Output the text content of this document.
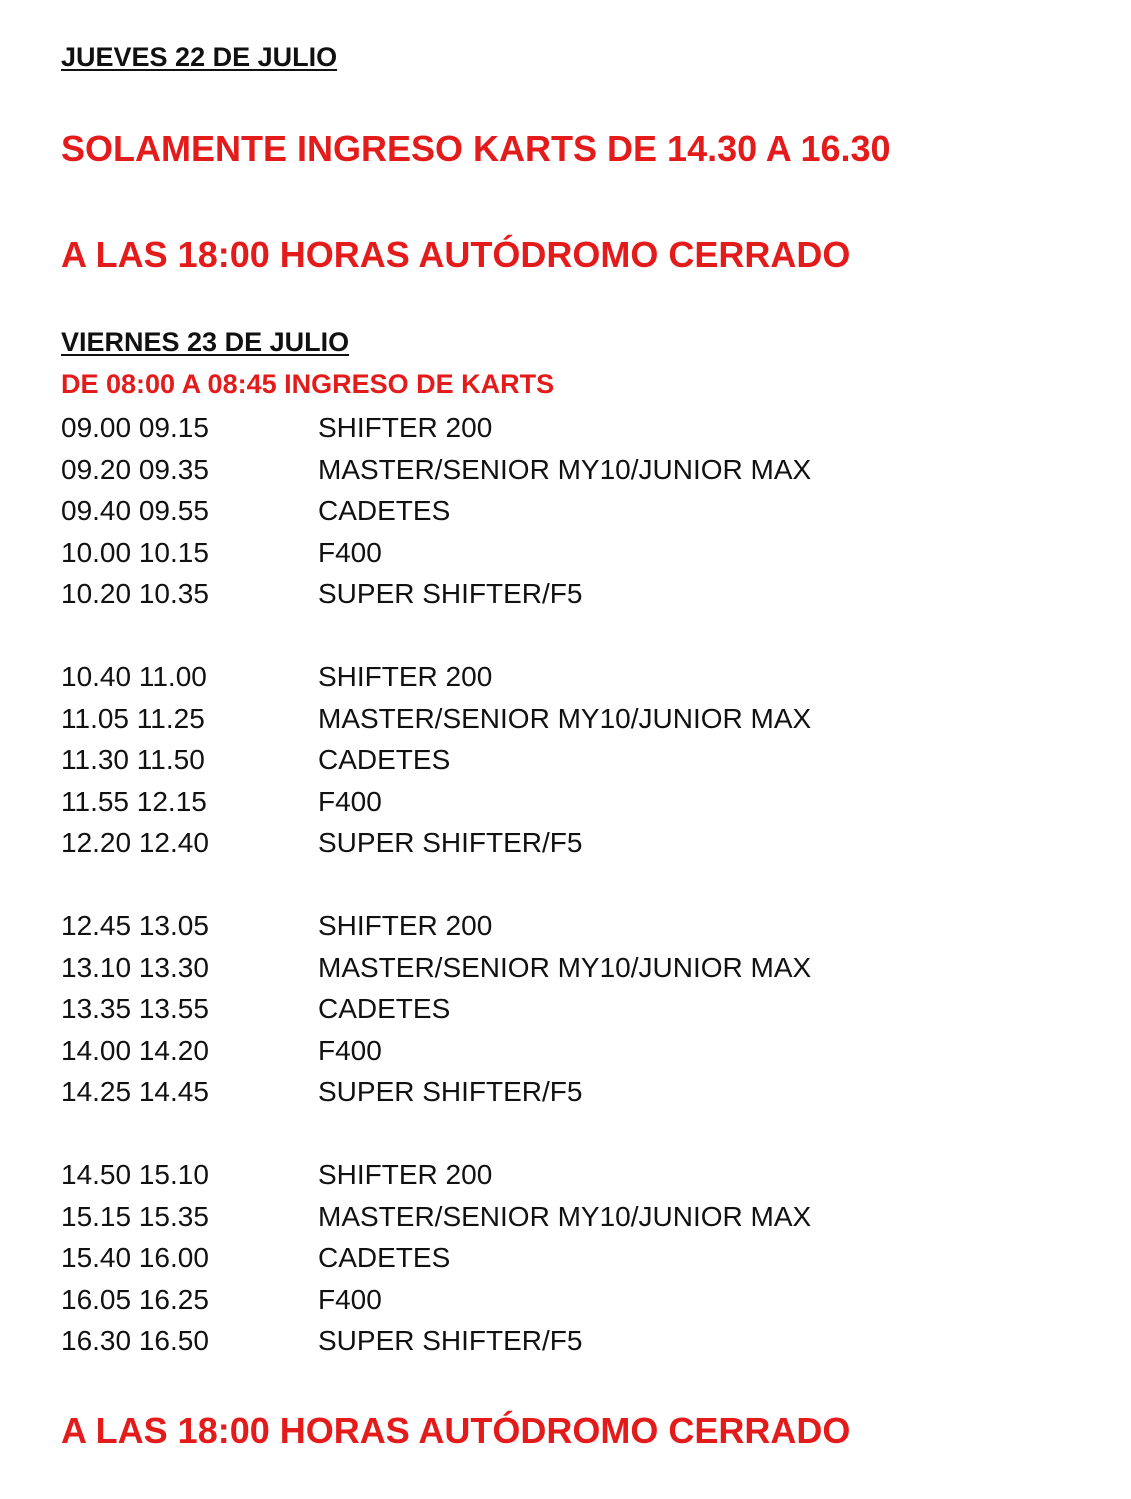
JUEVES 22 DE JULIO
SOLAMENTE INGRESO KARTS DE 14.30 A 16.30
A LAS 18:00 HORAS AUTÓDROMO CERRADO
VIERNES 23 DE JULIO
DE 08:00 A 08:45 INGRESO DE KARTS
09.00 09.15	SHIFTER 200
09.20 09.35	MASTER/SENIOR MY10/JUNIOR MAX
09.40 09.55	CADETES
10.00 10.15	F400
10.20 10.35	SUPER SHIFTER/F5
10.40 11.00	SHIFTER 200
11.05 11.25	MASTER/SENIOR MY10/JUNIOR MAX
11.30 11.50	CADETES
11.55 12.15	F400
12.20 12.40	SUPER SHIFTER/F5
12.45 13.05	SHIFTER 200
13.10 13.30	MASTER/SENIOR MY10/JUNIOR MAX
13.35 13.55	CADETES
14.00 14.20	F400
14.25 14.45	SUPER SHIFTER/F5
14.50 15.10	SHIFTER 200
15.15 15.35	MASTER/SENIOR MY10/JUNIOR MAX
15.40 16.00	CADETES
16.05 16.25	F400
16.30 16.50	SUPER SHIFTER/F5
A LAS 18:00 HORAS AUTÓDROMO CERRADO
